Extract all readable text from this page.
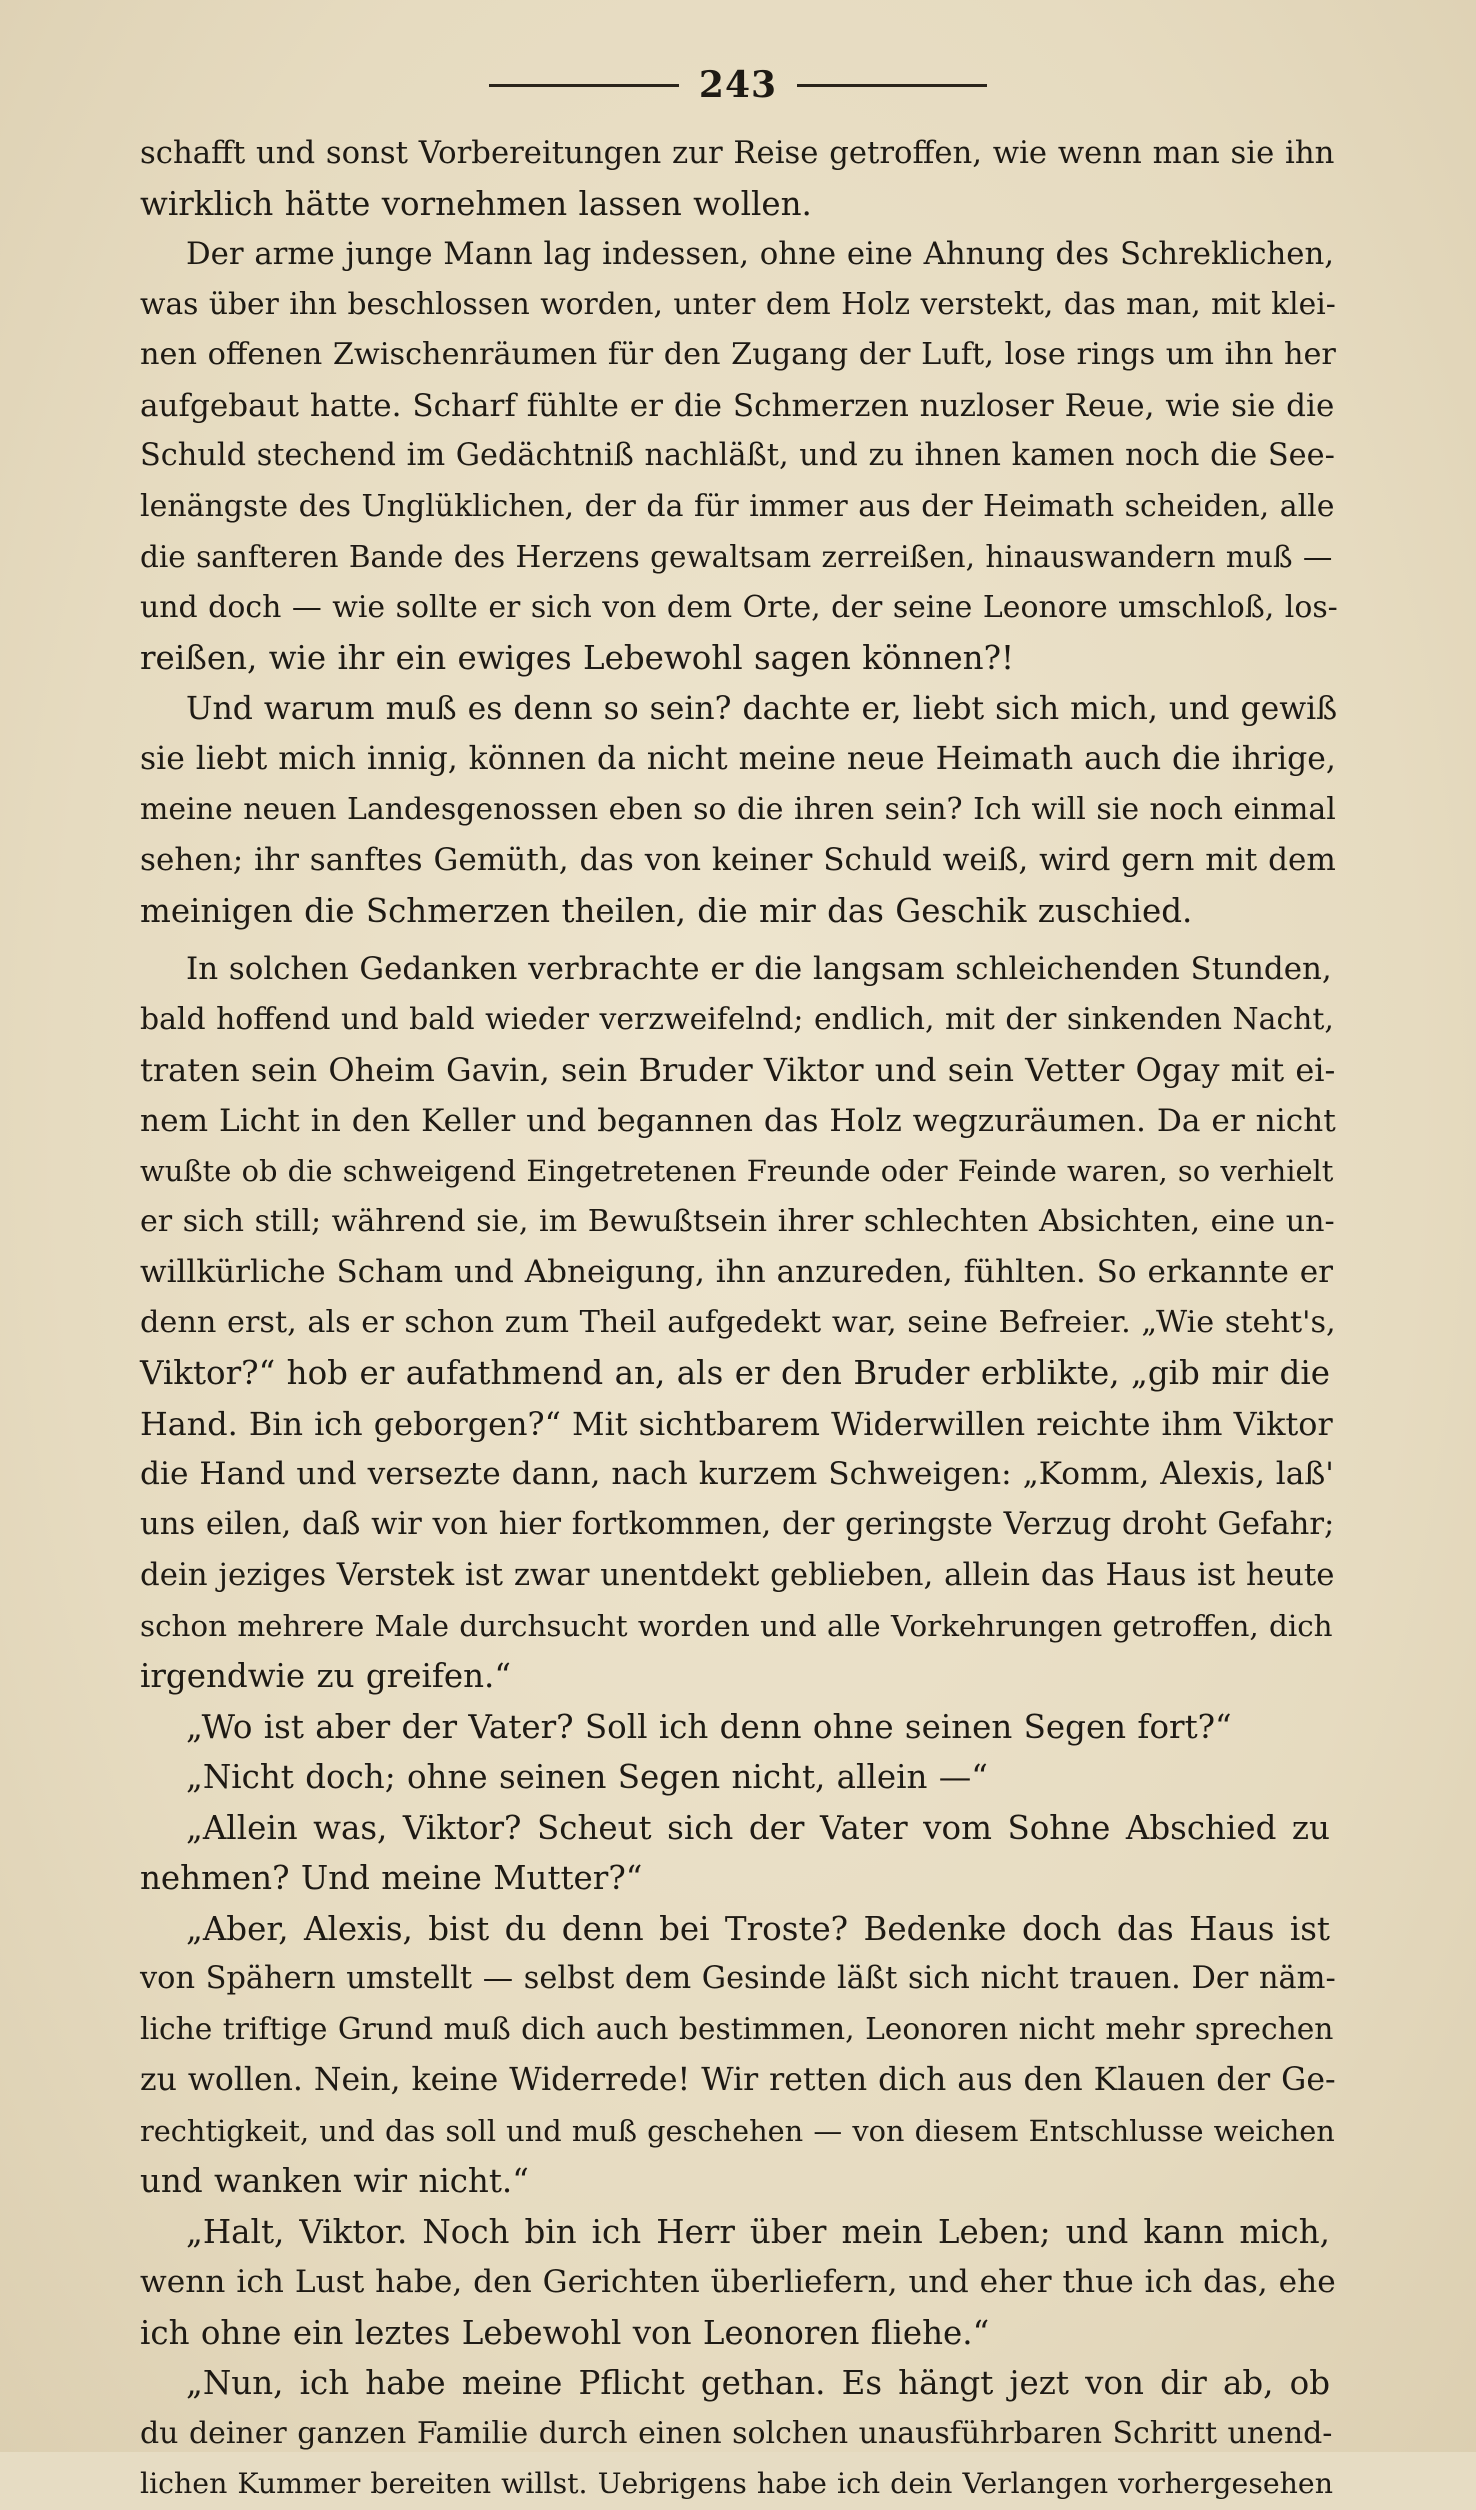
243
schafft und sonst Vorbereitungen zur Reise getroffen, wie wenn man sie ihn
wirklich hätte vornehmen lassen wollen.
Der arme junge Mann lag indessen, ohne eine Ahnung des Schreklichen,
was über ihn beschlossen worden, unter dem Holz verstekt, das man, mit klei-
nen offenen Zwischenräumen für den Zugang der Luft, lose rings um ihn her
aufgebaut hatte. Scharf fühlte er die Schmerzen nuzloser Reue, wie sie die
Schuld stechend im Gedächtniß nachläßt, und zu ihnen kamen noch die See-
lenängste des Unglüklichen, der da für immer aus der Heimath scheiden, alle
die sanfteren Bande des Herzens gewaltsam zerreißen, hinauswandern muß —
und doch — wie sollte er sich von dem Orte, der seine Leonore umschloß, los-
reißen, wie ihr ein ewiges Lebewohl sagen können?!
Und warum muß es denn so sein? dachte er, liebt sich mich, und gewiß
sie liebt mich innig, können da nicht meine neue Heimath auch die ihrige,
meine neuen Landesgenossen eben so die ihren sein? Ich will sie noch einmal
sehen; ihr sanftes Gemüth, das von keiner Schuld weiß, wird gern mit dem
meinigen die Schmerzen theilen, die mir das Geschik zuschied.
In solchen Gedanken verbrachte er die langsam schleichenden Stunden,
bald hoffend und bald wieder verzweifelnd; endlich, mit der sinkenden Nacht,
traten sein Oheim Gavin, sein Bruder Viktor und sein Vetter Ogay mit ei-
nem Licht in den Keller und begannen das Holz wegzuräumen. Da er nicht
wußte ob die schweigend Eingetretenen Freunde oder Feinde waren, so verhielt
er sich still; während sie, im Bewußtsein ihrer schlechten Absichten, eine un-
willkürliche Scham und Abneigung, ihn anzureden, fühlten. So erkannte er
denn erst, als er schon zum Theil aufgedekt war, seine Befreier. „Wie steht's,
Viktor?“ hob er aufathmend an, als er den Bruder erblikte, „gib mir die
Hand. Bin ich geborgen?“ Mit sichtbarem Widerwillen reichte ihm Viktor
die Hand und versezte dann, nach kurzem Schweigen: „Komm, Alexis, laß'
uns eilen, daß wir von hier fortkommen, der geringste Verzug droht Gefahr;
dein jeziges Verstek ist zwar unentdekt geblieben, allein das Haus ist heute
schon mehrere Male durchsucht worden und alle Vorkehrungen getroffen, dich
irgendwie zu greifen.“
„Wo ist aber der Vater? Soll ich denn ohne seinen Segen fort?“
„Nicht doch; ohne seinen Segen nicht, allein —“
„Allein was, Viktor? Scheut sich der Vater vom Sohne Abschied zu
nehmen? Und meine Mutter?“
„Aber, Alexis, bist du denn bei Troste? Bedenke doch das Haus ist
von Spähern umstellt — selbst dem Gesinde läßt sich nicht trauen. Der näm-
liche triftige Grund muß dich auch bestimmen, Leonoren nicht mehr sprechen
zu wollen. Nein, keine Widerrede! Wir retten dich aus den Klauen der Ge-
rechtigkeit, und das soll und muß geschehen — von diesem Entschlusse weichen
und wanken wir nicht.“
„Halt, Viktor. Noch bin ich Herr über mein Leben; und kann mich,
wenn ich Lust habe, den Gerichten überliefern, und eher thue ich das, ehe
ich ohne ein leztes Lebewohl von Leonoren fliehe.“
„Nun, ich habe meine Pflicht gethan. Es hängt jezt von dir ab, ob
du deiner ganzen Familie durch einen solchen unausführbaren Schritt unend-
lichen Kummer bereiten willst. Uebrigens habe ich dein Verlangen vorhergesehen
